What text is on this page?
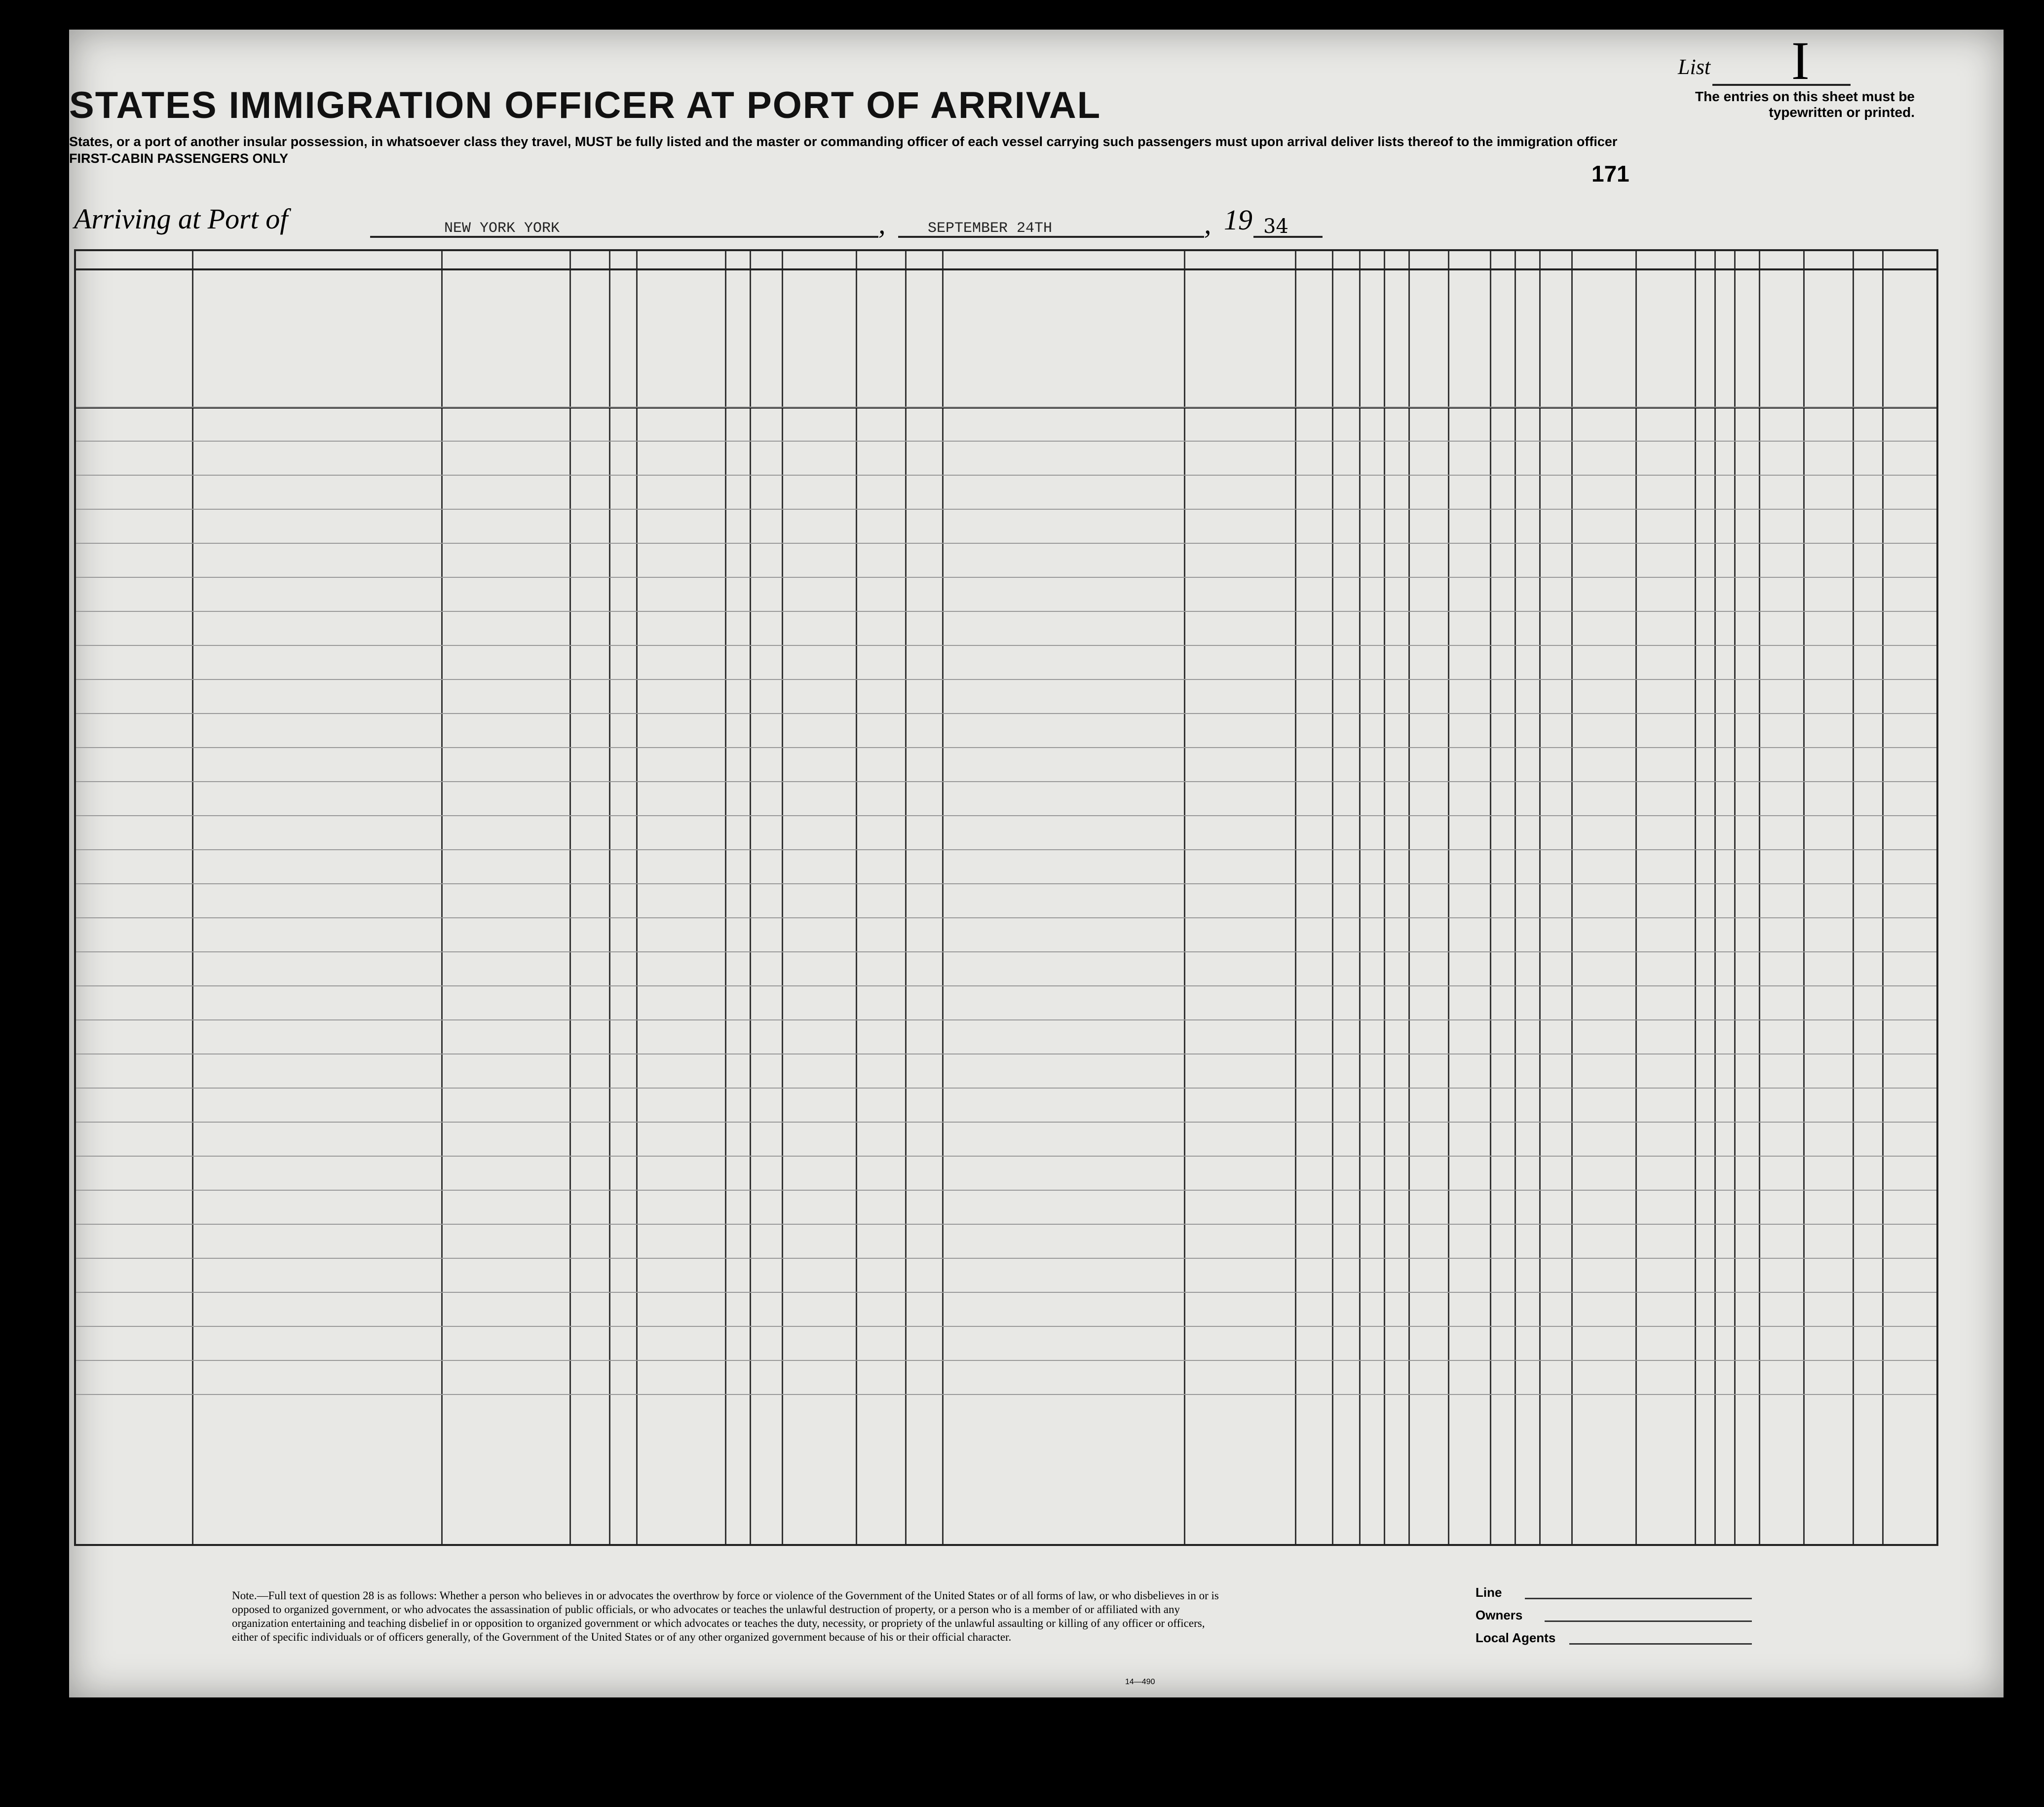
STATES IMMIGRATION OFFICER AT PORT OF ARRIVAL
List I
The entries on this sheet must be typewritten or printed.
States, or a port of another insular possession, in whatsoever class they travel, MUST be fully listed and the master or commanding officer of each vessel carrying such passengers must upon arrival deliver lists thereof to the immigration officer
FIRST-CABIN PASSENGERS ONLY
171
Arriving at Port of	NEW YORK YORK	,	SEPTEMBER 24TH	, 19 34
Note.—Full text of question 28 is as follows: Whether a person who believes in or advocates the overthrow by force or violence of the Government of the United States or of all forms of law, or who disbelieves in or is opposed to organized government, or who advocates the assassination of public officials, or who advocates or teaches the unlawful destruction of property, or a person who is a member of or affiliated with any organization entertaining and teaching disbelief in or opposition to organized government or which advocates or teaches the duty, necessity, or propriety of the unlawful assaulting or killing of any officer or officers, either of specific individuals or of officers generally, of the Government of the United States or of any other organized government because of his or their official character.
14—490
Line
Owners
Local Agents
